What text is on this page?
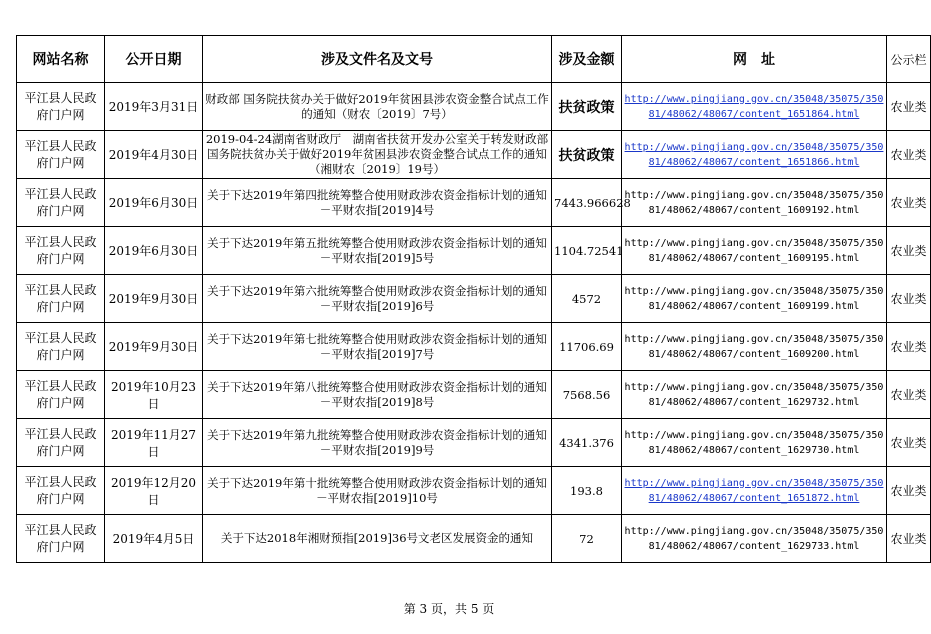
网站名称	公开日期	涉及文件名及文号	涉及金额	网　址	公示栏
平江县人民政府门户网	2019年3月31日	财政部 国务院扶贫办关于做好2019年贫困县涉农资金整合试点工作的通知（财农〔2019〕7号）	扶贫政策	http://www.pingjiang.gov.cn/35048/35075/35081/48062/48067/content_1651864.html	农业类
平江县人民政府门户网	2019年4月30日	2019-04-24湖南省财政厅　湖南省扶贫开发办公室关于转发财政部　国务院扶贫办关于做好2019年贫困县涉农资金整合试点工作的通知（湘财农〔2019〕19号）	扶贫政策	http://www.pingjiang.gov.cn/35048/35075/35081/48062/48067/content_1651866.html	农业类
平江县人民政府门户网	2019年6月30日	关于下达2019年第四批统筹整合使用财政涉农资金指标计划的通知－平财农指[2019]4号	7443.966628	http://www.pingjiang.gov.cn/35048/35075/35081/48062/48067/content_1609192.html	农业类
平江县人民政府门户网	2019年6月30日	关于下达2019年第五批统筹整合使用财政涉农资金指标计划的通知－平财农指[2019]5号	1104.72541	http://www.pingjiang.gov.cn/35048/35075/35081/48062/48067/content_1609195.html	农业类
平江县人民政府门户网	2019年9月30日	关于下达2019年第六批统筹整合使用财政涉农资金指标计划的通知－平财农指[2019]6号	4572	http://www.pingjiang.gov.cn/35048/35075/35081/48062/48067/content_1609199.html	农业类
平江县人民政府门户网	2019年9月30日	关于下达2019年第七批统筹整合使用财政涉农资金指标计划的通知－平财农指[2019]7号	11706.69	http://www.pingjiang.gov.cn/35048/35075/35081/48062/48067/content_1609200.html	农业类
平江县人民政府门户网	2019年10月23日	关于下达2019年第八批统筹整合使用财政涉农资金指标计划的通知－平财农指[2019]8号	7568.56	http://www.pingjiang.gov.cn/35048/35075/35081/48062/48067/content_1629732.html	农业类
平江县人民政府门户网	2019年11月27日	关于下达2019年第九批统筹整合使用财政涉农资金指标计划的通知－平财农指[2019]9号	4341.376	http://www.pingjiang.gov.cn/35048/35075/35081/48062/48067/content_1629730.html	农业类
平江县人民政府门户网	2019年12月20日	关于下达2019年第十批统筹整合使用财政涉农资金指标计划的通知－平财农指[2019]10号	193.8	http://www.pingjiang.gov.cn/35048/35075/35081/48062/48067/content_1651872.html	农业类
平江县人民政府门户网	2019年4月5日	关于下达2018年湘财预指[2019]36号文老区发展资金的通知	72	http://www.pingjiang.gov.cn/35048/35075/35081/48062/48067/content_1629733.html	农业类
第 3 页，共 5 页
